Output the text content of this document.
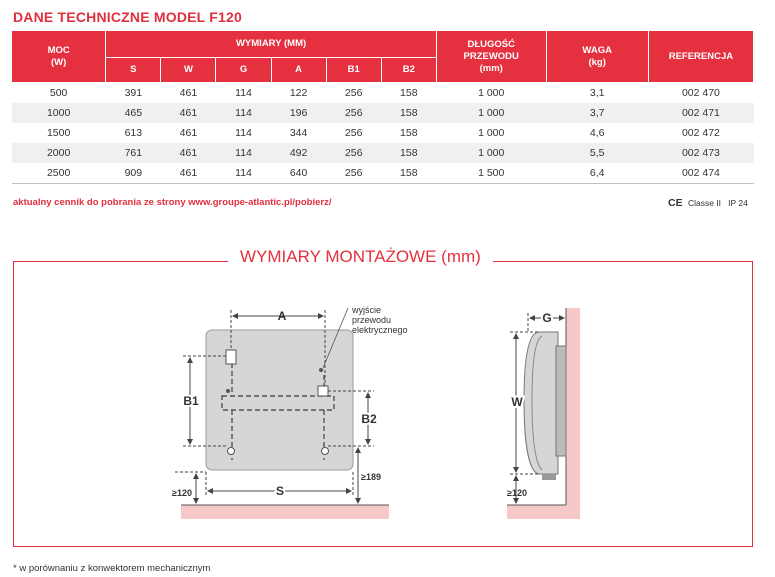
DANE TECHNICZNE MODEL F120
MOC
(W)	WYMIARY (MM)						DŁUGOŚĆ
PRZEWODU
(mm)	WAGA
(kg)	REFERENCJA
	S	W	G	A	B1	B2			
500	391	461	114	122	256	158	1 000	3,1	002 470
1000	465	461	114	196	256	158	1 000	3,7	002 471
1500	613	461	114	344	256	158	1 000	4,6	002 472
2000	761	461	114	492	256	158	1 000	5,5	002 473
2500	909	461	114	640	256	158	1 500	6,4	002 474
aktualny cennik do pobrania ze strony www.groupe-atlantic.pl/pobierz/	CE Classe II IP 24
WYMIARY MONTAŻOWE (mm)
A	wyjście
przewodu
elektrycznego
B1
B2
≥189
S
≥120
G
W
≥120
* w porównaniu z konwektorem mechanicznym
